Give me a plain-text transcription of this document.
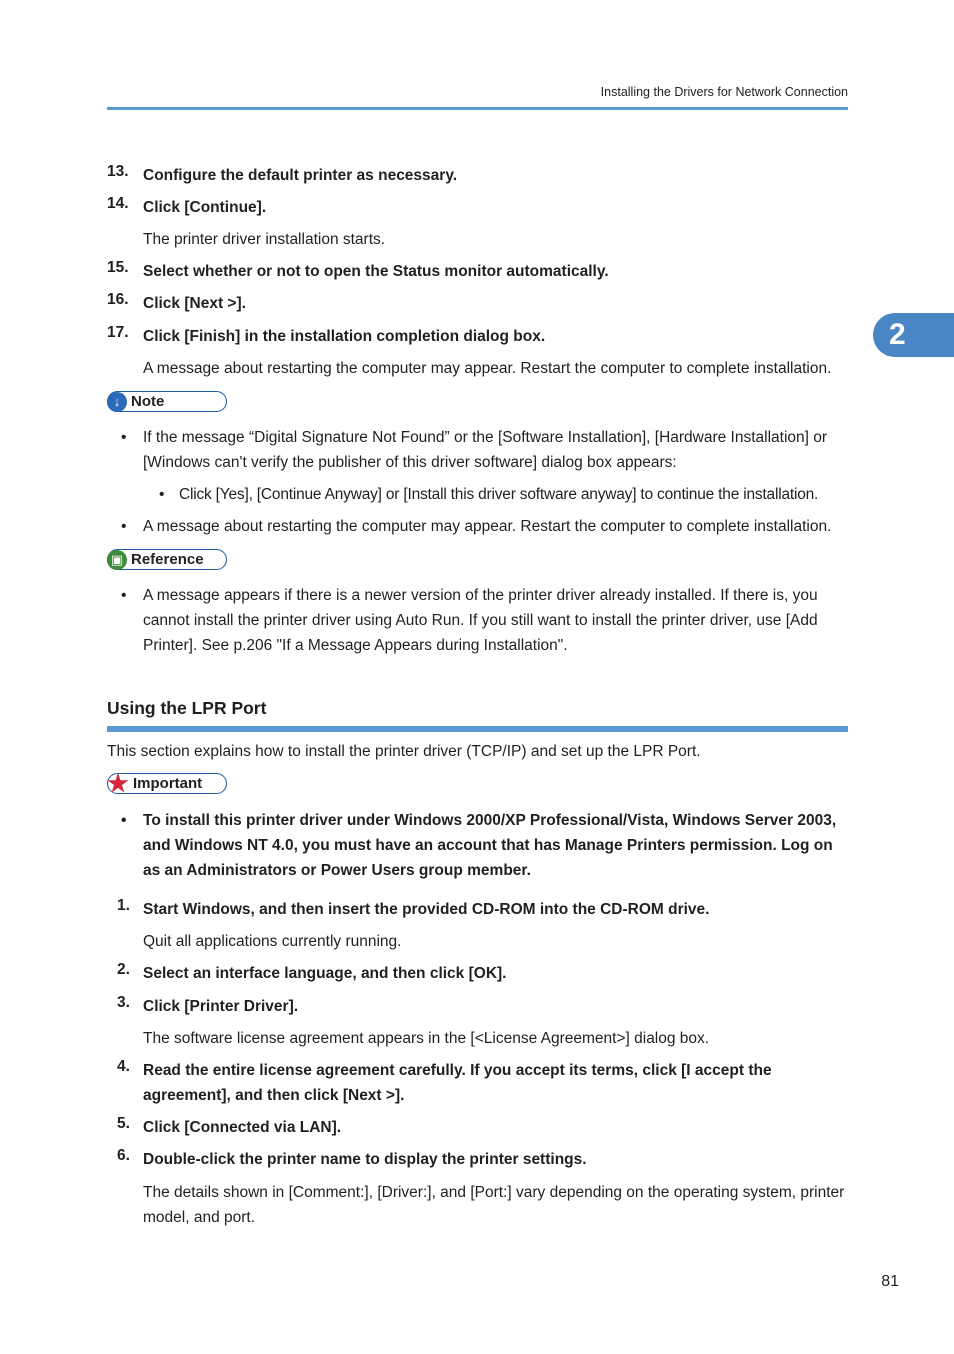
Installing the Drivers for Network Connection
2
13. Configure the default printer as necessary.
14. Click [Continue].
The printer driver installation starts.
15. Select whether or not to open the Status monitor automatically.
16. Click [Next >].
17. Click [Finish] in the installation completion dialog box.
A message about restarting the computer may appear. Restart the computer to complete installation.
↓ Note
• If the message “Digital Signature Not Found” or the [Software Installation], [Hardware Installation] or [Windows can't verify the publisher of this driver software] dialog box appears:
• Click [Yes], [Continue Anyway] or [Install this driver software anyway] to continue the installation.
• A message about restarting the computer may appear. Restart the computer to complete installation.
▣ Reference
• A message appears if there is a newer version of the printer driver already installed. If there is, you cannot install the printer driver using Auto Run. If you still want to install the printer driver, use [Add Printer]. See p.206 "If a Message Appears during Installation".
Using the LPR Port
This section explains how to install the printer driver (TCP/IP) and set up the LPR Port.
Important
• To install this printer driver under Windows 2000/XP Professional/Vista, Windows Server 2003, and Windows NT 4.0, you must have an account that has Manage Printers permission. Log on as an Administrators or Power Users group member.
1. Start Windows, and then insert the provided CD-ROM into the CD-ROM drive.
Quit all applications currently running.
2. Select an interface language, and then click [OK].
3. Click [Printer Driver].
The software license agreement appears in the [<License Agreement>] dialog box.
4. Read the entire license agreement carefully. If you accept its terms, click [I accept the agreement], and then click [Next >].
5. Click [Connected via LAN].
6. Double-click the printer name to display the printer settings.
The details shown in [Comment:], [Driver:], and [Port:] vary depending on the operating system, printer model, and port.
81
